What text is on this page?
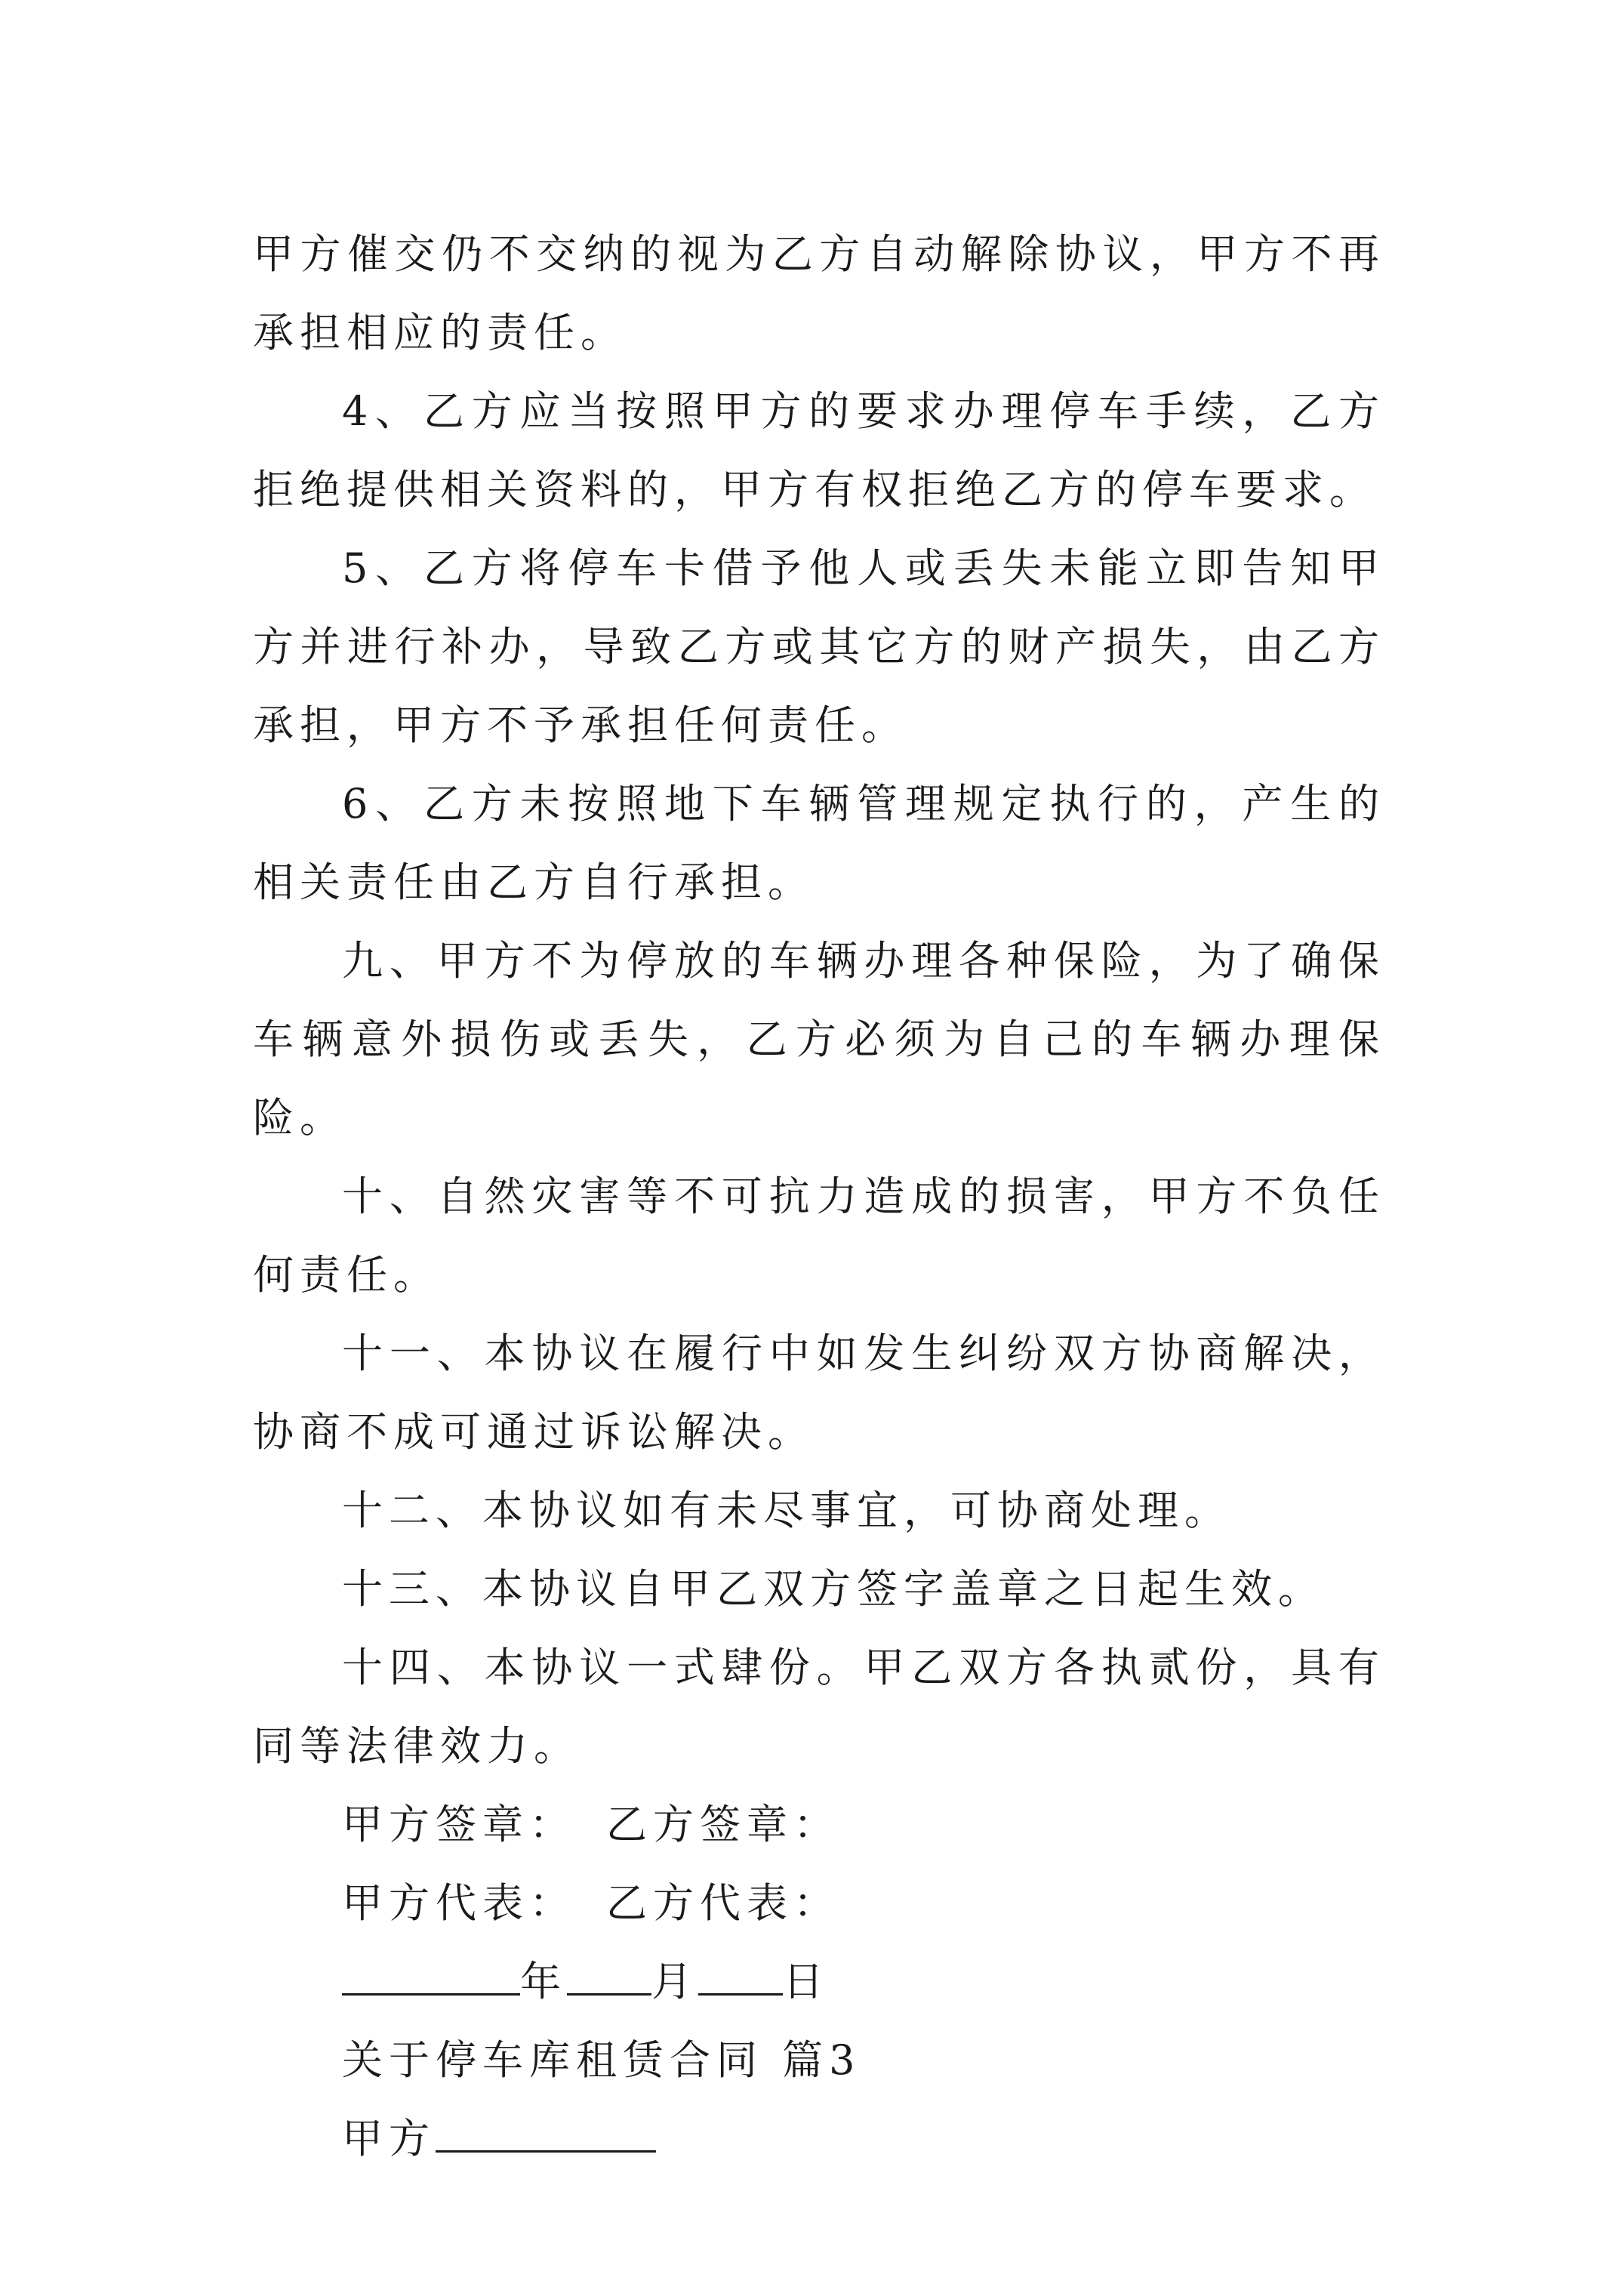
甲方催交仍不交纳的视为乙方自动解除协议，甲方不再承担相应的责任。

4、乙方应当按照甲方的要求办理停车手续，乙方拒绝提供相关资料的，甲方有权拒绝乙方的停车要求。

5、乙方将停车卡借予他人或丢失未能立即告知甲方并进行补办，导致乙方或其它方的财产损失，由乙方承担，甲方不予承担任何责任。

6、乙方未按照地下车辆管理规定执行的，产生的相关责任由乙方自行承担。

九、甲方不为停放的车辆办理各种保险，为了确保车辆意外损伤或丢失，乙方必须为自己的车辆办理保险。

十、自然灾害等不可抗力造成的损害，甲方不负任何责任。

十一、本协议在履行中如发生纠纷双方协商解决，协商不成可通过诉讼解决。

十二、本协议如有未尽事宜，可协商处理。

十三、本协议自甲乙双方签字盖章之日起生效。

十四、本协议一式肆份。甲乙双方各执贰份，具有同等法律效力。

甲方签章： 乙方签章：

甲方代表： 乙方代表：

年 月 日

关于停车库租赁合同 篇3

甲方
